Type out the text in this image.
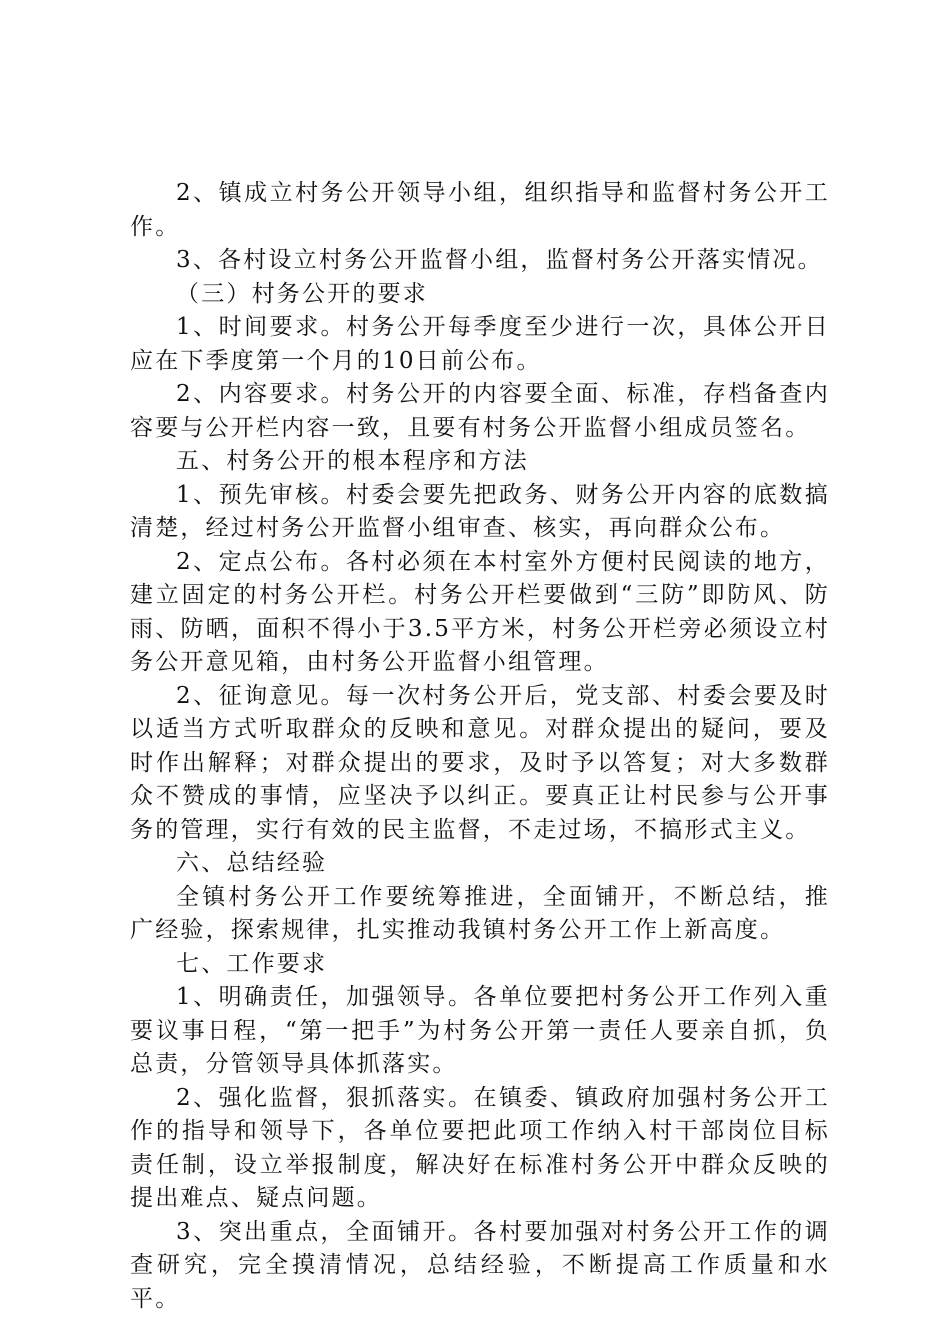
2、镇成立村务公开领导小组，组织指导和监督村务公开工作。

3、各村设立村务公开监督小组，监督村务公开落实情况。

（三）村务公开的要求

1、时间要求。村务公开每季度至少进行一次，具体公开日应在下季度第一个月的10日前公布。

2、内容要求。村务公开的内容要全面、标准，存档备查内容要与公开栏内容一致，且要有村务公开监督小组成员签名。

五、村务公开的根本程序和方法

1、预先审核。村委会要先把政务、财务公开内容的底数搞清楚，经过村务公开监督小组审查、核实，再向群众公布。

2、定点公布。各村必须在本村室外方便村民阅读的地方，建立固定的村务公开栏。村务公开栏要做到“三防”即防风、防雨、防晒，面积不得小于3.5平方米，村务公开栏旁必须设立村务公开意见箱，由村务公开监督小组管理。

2、征询意见。每一次村务公开后，党支部、村委会要及时以适当方式听取群众的反映和意见。对群众提出的疑问，要及时作出解释；对群众提出的要求，及时予以答复；对大多数群众不赞成的事情，应坚决予以纠正。要真正让村民参与公开事务的管理，实行有效的民主监督，不走过场，不搞形式主义。

六、总结经验

全镇村务公开工作要统筹推进，全面铺开，不断总结，推广经验，探索规律，扎实推动我镇村务公开工作上新高度。

七、工作要求

1、明确责任，加强领导。各单位要把村务公开工作列入重要议事日程，“第一把手”为村务公开第一责任人要亲自抓，负总责，分管领导具体抓落实。

2、强化监督，狠抓落实。在镇委、镇政府加强村务公开工作的指导和领导下，各单位要把此项工作纳入村干部岗位目标责任制，设立举报制度，解决好在标准村务公开中群众反映的提出难点、疑点问题。

3、突出重点，全面铺开。各村要加强对村务公开工作的调查研究，完全摸清情况，总结经验，不断提高工作质量和水平。
